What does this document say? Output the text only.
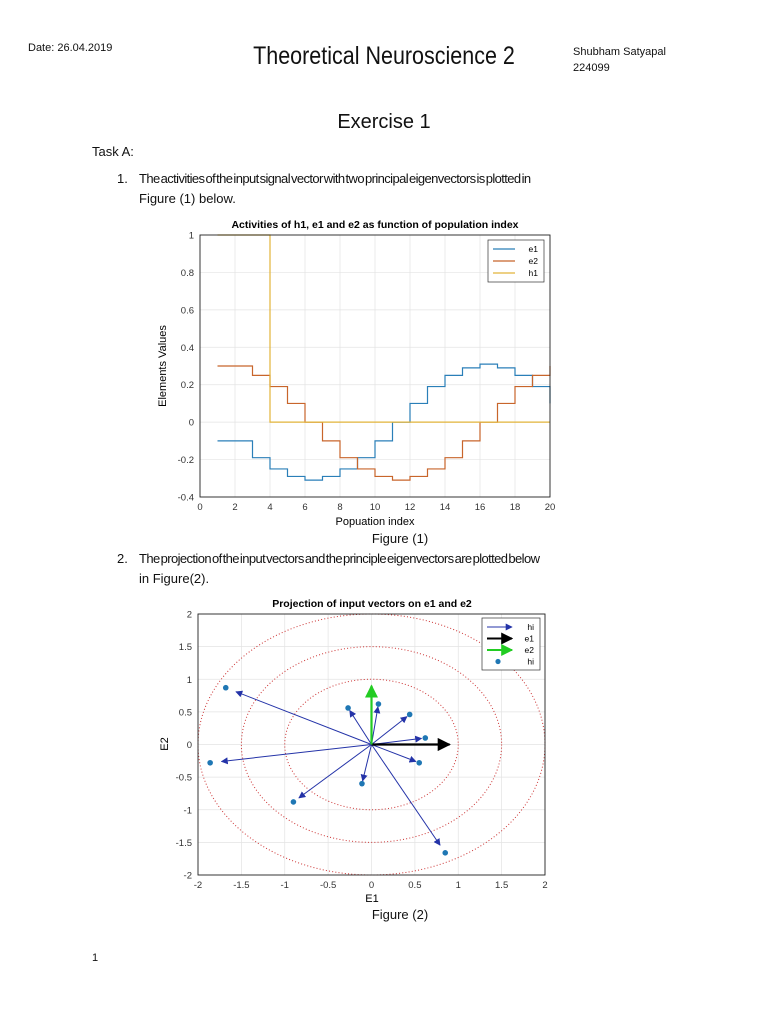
Date: 26.04.2019	Theoretical Neuroscience 2	Shubham Satyapal
224099
Exercise 1
Task A:
1. The activities of the input signal vector with two principal eigenvectors is plotted in
Figure (1) below.
Activities of h1, e1 and e2 as function of population index
0	2	4	6	8	10	12	14	16	18	20
-0.4
-0.2
0
0.2
0.4
0.6
0.8
1
e1
e2
h1
Popuation index
Elements Values
Figure (1)
2. The projection of the input vectors and the principle eigenvectors are plotted below
in Figure(2).
Projection of input vectors on e1 and e2
-2	-1.5	-1	-0.5	0	0.5	1	1.5	2
-2
-1.5
-1
-0.5
0
0.5
1
1.5
2
hi
e1
e2
hi
E1
E2
Figure (2)
1
